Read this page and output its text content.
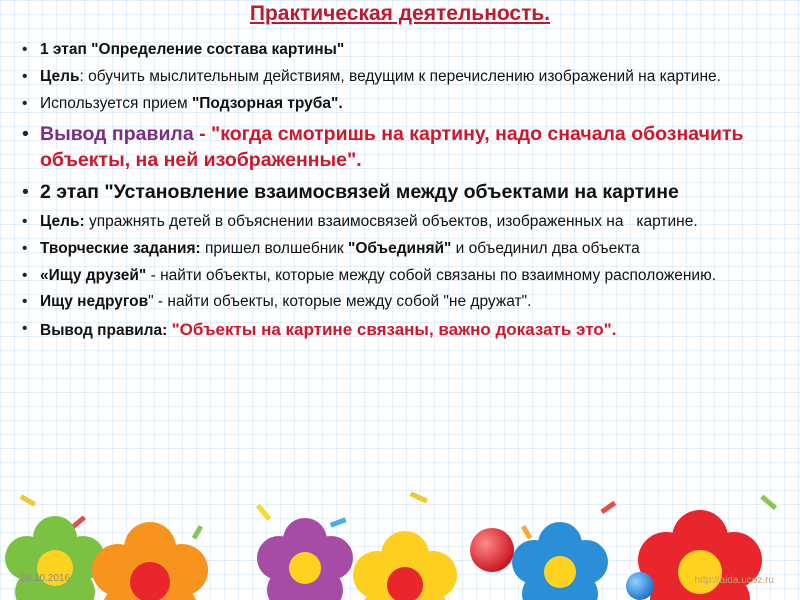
Практическая деятельность.
• 1 этап "Определение состава картины"
• Цель: обучить мыслительным действиям, ведущим к перечислению изображений на картине.
• Используется прием "Подзорная труба".
• Вывод правила - "когда смотришь на картину, надо сначала обозначить объекты, на ней изображенные".
• 2 этап "Установление взаимосвязей между объектами на картине
• Цель: упражнять детей в объяснении взаимосвязей объектов, изображенных на   картине.
• Творческие задания: пришел волшебник "Объединяй" и объединил два объекта
• «Ищу друзей" - найти объекты, которые между собой связаны по взаимному расположению.
• Ищу недругов" - найти объекты, которые между собой "не дружат".
• Вывод правила: "Объекты на картине связаны, важно доказать это".
26.10.2016	http://aida.ucoz.ru
